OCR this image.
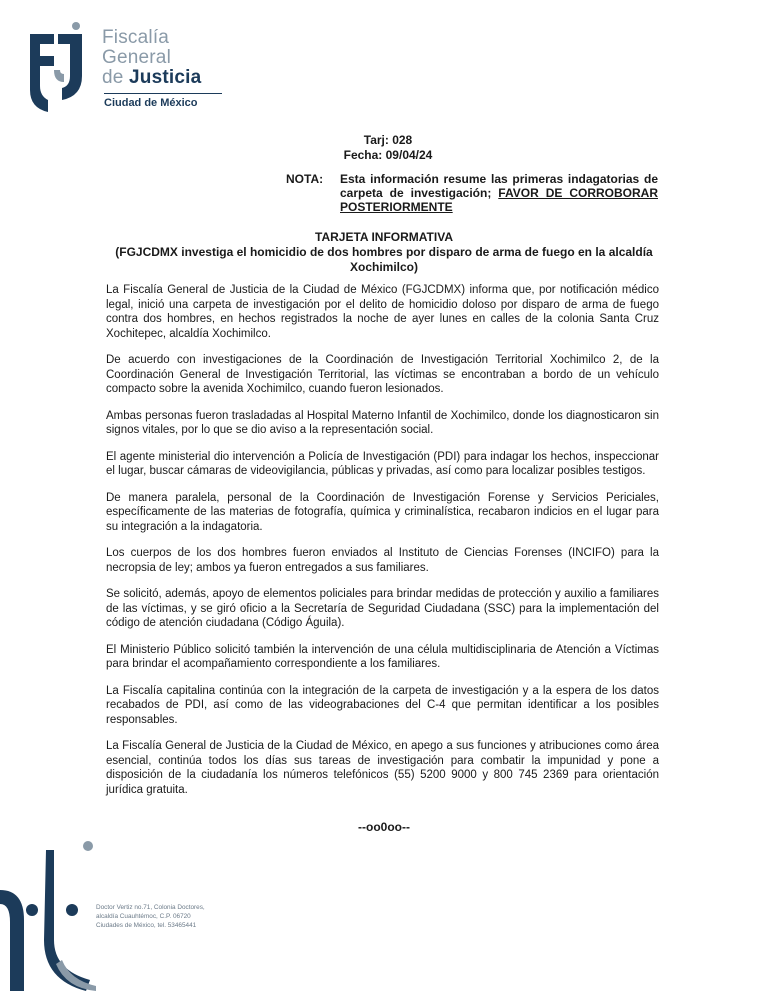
Fiscalía
General
de Justicia
Ciudad de México
Tarj: 028
Fecha: 09/04/24
NOTA: Esta información resume las primeras indagatorias de carpeta de investigación; FAVOR DE CORROBORAR POSTERIORMENTE
TARJETA INFORMATIVA
(FGJCDMX investiga el homicidio de dos hombres por disparo de arma de fuego en la alcaldía Xochimilco)

La Fiscalía General de Justicia de la Ciudad de México (FGJCDMX) informa que, por notificación médico legal, inició una carpeta de investigación por el delito de homicidio doloso por disparo de arma de fuego contra dos hombres, en hechos registrados la noche de ayer lunes en calles de la colonia Santa Cruz Xochitepec, alcaldía Xochimilco.

De acuerdo con investigaciones de la Coordinación de Investigación Territorial Xochimilco 2, de la Coordinación General de Investigación Territorial, las víctimas se encontraban a bordo de un vehículo compacto sobre la avenida Xochimilco, cuando fueron lesionados.

Ambas personas fueron trasladadas al Hospital Materno Infantil de Xochimilco, donde los diagnosticaron sin signos vitales, por lo que se dio aviso a la representación social.

El agente ministerial dio intervención a Policía de Investigación (PDI) para indagar los hechos, inspeccionar el lugar, buscar cámaras de videovigilancia, públicas y privadas, así como para localizar posibles testigos.

De manera paralela, personal de la Coordinación de Investigación Forense y Servicios Periciales, específicamente de las materias de fotografía, química y criminalística, recabaron indicios en el lugar para su integración a la indagatoria.

Los cuerpos de los dos hombres fueron enviados al Instituto de Ciencias Forenses (INCIFO) para la necropsia de ley; ambos ya fueron entregados a sus familiares.

Se solicitó, además, apoyo de elementos policiales para brindar medidas de protección y auxilio a familiares de las víctimas, y se giró oficio a la Secretaría de Seguridad Ciudadana (SSC) para la implementación del código de atención ciudadana (Código Águila).

El Ministerio Público solicitó también la intervención de una célula multidisciplinaria de Atención a Víctimas para brindar el acompañamiento correspondiente a los familiares.

La Fiscalía capitalina continúa con la integración de la carpeta de investigación y a la espera de los datos recabados de PDI, así como de las videograbaciones del C-4 que permitan identificar a los posibles responsables.

La Fiscalía General de Justicia de la Ciudad de México, en apego a sus funciones y atribuciones como área esencial, continúa todos los días sus tareas de investigación para combatir la impunidad y pone a disposición de la ciudadanía los números telefónicos (55) 5200 9000 y 800 745 2369 para orientación jurídica gratuita.

--oo0oo--
Doctor Vertiz no.71, Colonia Doctores,
alcaldía Cuauhtémoc, C.P. 06720
Ciudades de México, tel. 53465441
